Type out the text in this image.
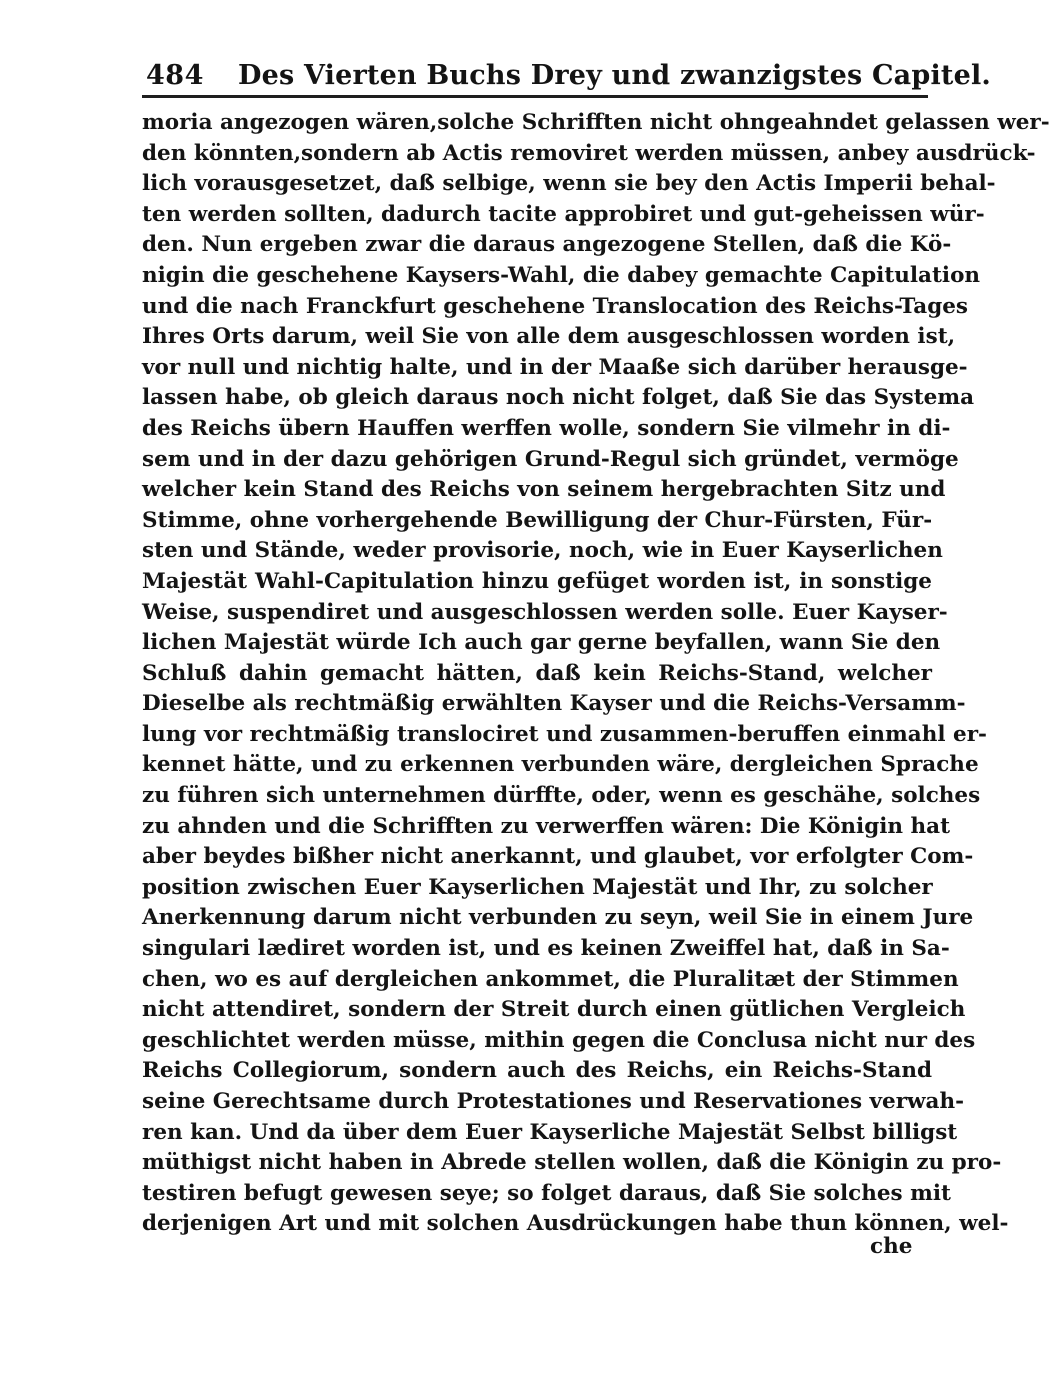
484 Des Vierten Buchs Drey und zwanzigstes Capitel.
moria angezogen wären,solche Schrifften nicht ohngeahndet gelassen wer-
den könnten,sondern ab Actis removiret werden müssen, anbey ausdrück-
lich vorausgesetzet, daß selbige, wenn sie bey den Actis Imperii behal-
ten werden sollten, dadurch tacite approbiret und gut-geheissen wür-
den. Nun ergeben zwar die daraus angezogene Stellen, daß die Kö-
nigin die geschehene Kaysers-Wahl, die dabey gemachte Capitulation
und die nach Franckfurt geschehene Translocation des Reichs-Tages
Ihres Orts darum, weil Sie von alle dem ausgeschlossen worden ist,
vor null und nichtig halte, und in der Maaße sich darüber herausge-
lassen habe, ob gleich daraus noch nicht folget, daß Sie das Systema
des Reichs übern Hauffen werffen wolle, sondern Sie vilmehr in di-
sem und in der dazu gehörigen Grund-Regul sich gründet, vermöge
welcher kein Stand des Reichs von seinem hergebrachten Sitz und
Stimme, ohne vorhergehende Bewilligung der Chur-Fürsten, Für-
sten und Stände, weder provisorie, noch, wie in Euer Kayserlichen
Majestät Wahl-Capitulation hinzu gefüget worden ist, in sonstige
Weise, suspendiret und ausgeschlossen werden solle. Euer Kayser-
lichen Majestät würde Ich auch gar gerne beyfallen, wann Sie den
Schluß dahin gemacht hätten, daß kein Reichs-Stand, welcher
Dieselbe als rechtmäßig erwählten Kayser und die Reichs-Versamm-
lung vor rechtmäßig translociret und zusammen-beruffen einmahl er-
kennet hätte, und zu erkennen verbunden wäre, dergleichen Sprache
zu führen sich unternehmen dürffte, oder, wenn es geschähe, solches
zu ahnden und die Schrifften zu verwerffen wären: Die Königin hat
aber beydes bißher nicht anerkannt, und glaubet, vor erfolgter Com-
position zwischen Euer Kayserlichen Majestät und Ihr, zu solcher
Anerkennung darum nicht verbunden zu seyn, weil Sie in einem Jure
singulari lædiret worden ist, und es keinen Zweiffel hat, daß in Sa-
chen, wo es auf dergleichen ankommet, die Pluralitæt der Stimmen
nicht attendiret, sondern der Streit durch einen gütlichen Vergleich
geschlichtet werden müsse, mithin gegen die Conclusa nicht nur des
Reichs Collegiorum, sondern auch des Reichs, ein Reichs-Stand
seine Gerechtsame durch Protestationes und Reservationes verwah-
ren kan. Und da über dem Euer Kayserliche Majestät Selbst billigst
müthigst nicht haben in Abrede stellen wollen, daß die Königin zu pro-
testiren befugt gewesen seye; so folget daraus, daß Sie solches mit
derjenigen Art und mit solchen Ausdrückungen habe thun können, wel-
che
